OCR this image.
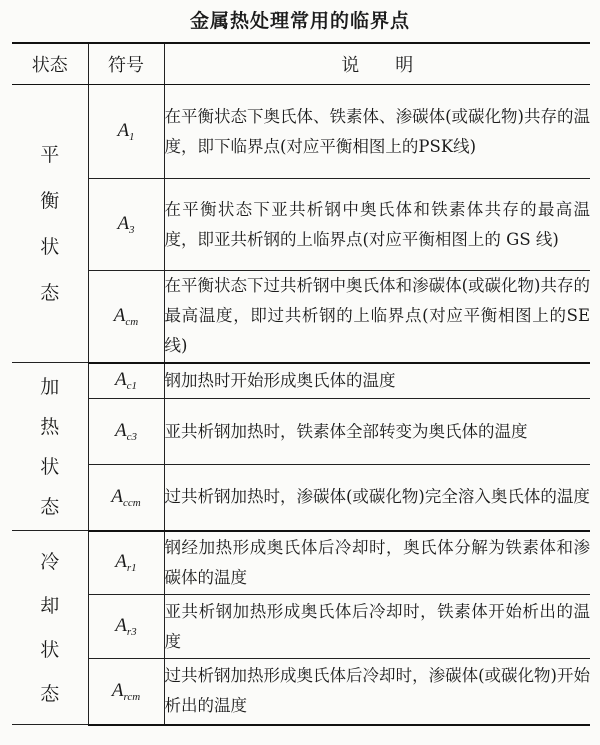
金属热处理常用的临界点
状态	符号	说　　明

平
衡
状
态	$A_1$	在平衡状态下奥氏体、铁素体、渗碳体(或碳化物)共存的温度，即下临界点(对应平衡相图上的PSK线)
	$A_3$	在平衡状态下亚共析钢中奥氏体和铁素体共存的最高温度，即亚共析钢的上临界点(对应平衡相图上的 GS 线)
	$A_{cm}$	在平衡状态下过共析钢中奥氏体和渗碳体(或碳化物)共存的最高温度，即过共析钢的上临界点(对应平衡相图上的SE线)

加
热
状
态	$A_{c1}$	钢加热时开始形成奥氏体的温度
	$A_{c3}$	亚共析钢加热时，铁素体全部转变为奥氏体的温度
	$A_{ccm}$	过共析钢加热时，渗碳体(或碳化物)完全溶入奥氏体的温度

冷
却
状
态	$A_{r1}$	钢经加热形成奥氏体后冷却时，奥氏体分解为铁素体和渗碳体的温度
	$A_{r3}$	亚共析钢加热形成奥氏体后冷却时，铁素体开始析出的温度
	$A_{rcm}$	过共析钢加热形成奥氏体后冷却时，渗碳体(或碳化物)开始析出的温度
